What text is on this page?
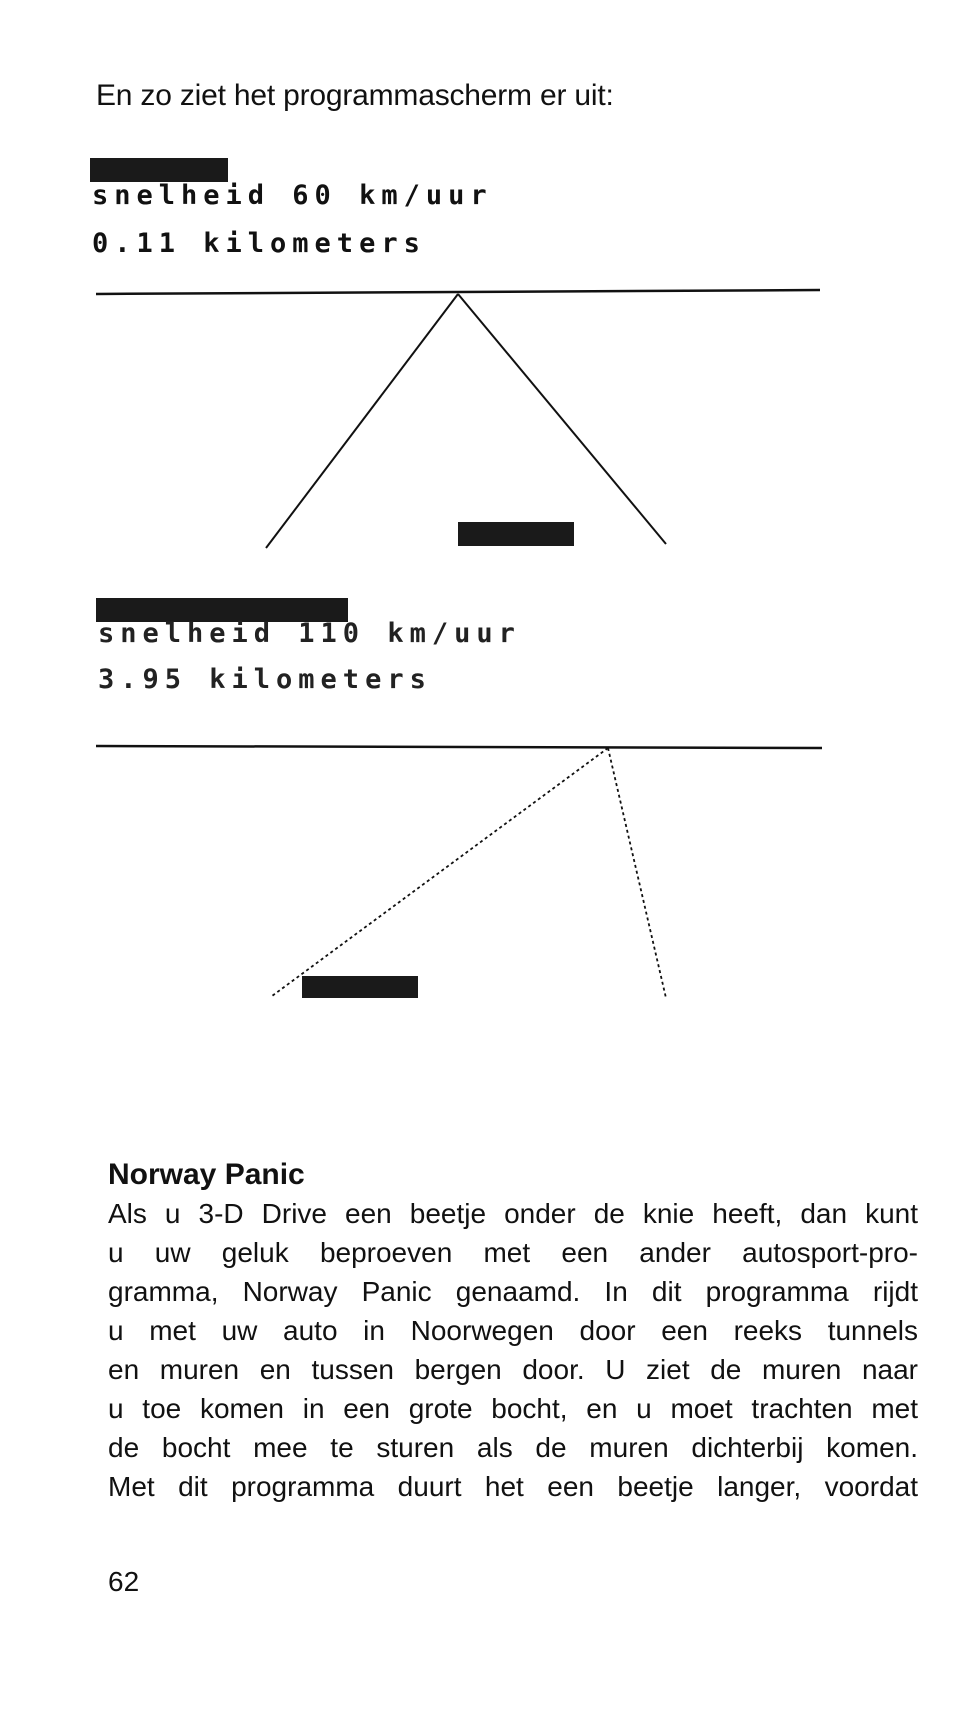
En zo ziet het programmascherm er uit:
snelheid 60 km/uur
0.11 kilometers
snelheid 110 km/uur
3.95 kilometers
Norway Panic
Als u 3-D Drive een beetje onder de knie heeft, dan kunt
u uw geluk beproeven met een ander autosport-pro-
gramma, Norway Panic genaamd. In dit programma rijdt
u met uw auto in Noorwegen door een reeks tunnels
en muren en tussen bergen door. U ziet de muren naar
u toe komen in een grote bocht, en u moet trachten met
de bocht mee te sturen als de muren dichterbij komen.
Met dit programma duurt het een beetje langer, voordat
62
